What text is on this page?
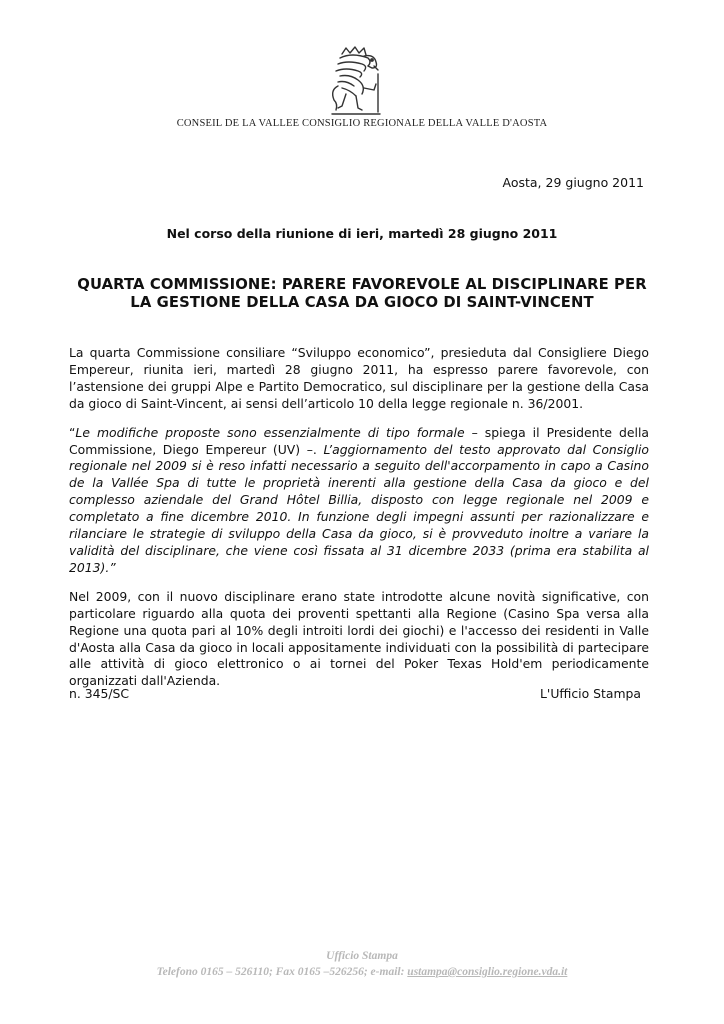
CONSEIL DE LA VALLEE CONSIGLIO REGIONALE DELLA VALLE D'AOSTA
Aosta, 29 giugno 2011
Nel corso della riunione di ieri, martedì 28 giugno 2011
QUARTA COMMISSIONE: PARERE FAVOREVOLE AL DISCIPLINARE PER LA GESTIONE DELLA CASA DA GIOCO DI SAINT-VINCENT

La quarta Commissione consiliare “Sviluppo economico”, presieduta dal Consigliere Diego Empereur, riunita ieri, martedì 28 giugno 2011, ha espresso parere favorevole, con l’astensione dei gruppi Alpe e Partito Democratico, sul disciplinare per la gestione della Casa da gioco di Saint-Vincent, ai sensi dell’articolo 10 della legge regionale n. 36/2001.

“Le modifiche proposte sono essenzialmente di tipo formale – spiega il Presidente della Commissione, Diego Empereur (UV) –. L’aggiornamento del testo approvato dal Consiglio regionale nel 2009 si è reso infatti necessario a seguito dell'accorpamento in capo a Casino de la Vallée Spa di tutte le proprietà inerenti alla gestione della Casa da gioco e del complesso aziendale del Grand Hôtel Billia, disposto con legge regionale nel 2009 e completato a fine dicembre 2010. In funzione degli impegni assunti per razionalizzare e rilanciare le strategie di sviluppo della Casa da gioco, si è provveduto inoltre a variare la validità del disciplinare, che viene così fissata al 31 dicembre 2033 (prima era stabilita al 2013).”

Nel 2009, con il nuovo disciplinare erano state introdotte alcune novità significative, con particolare riguardo alla quota dei proventi spettanti alla Regione (Casino Spa versa alla Regione una quota pari al 10% degli introiti lordi dei giochi) e l'accesso dei residenti in Valle d'Aosta alla Casa da gioco in locali appositamente individuati con la possibilità di partecipare alle attività di gioco elettronico o ai tornei del Poker Texas Hold'em periodicamente organizzati dall'Azienda.

n. 345/SC	L'Ufficio Stampa
Ufficio Stampa
Telefono 0165 – 526110; Fax 0165 –526256; e-mail: ustampa@consiglio.regione.vda.it
